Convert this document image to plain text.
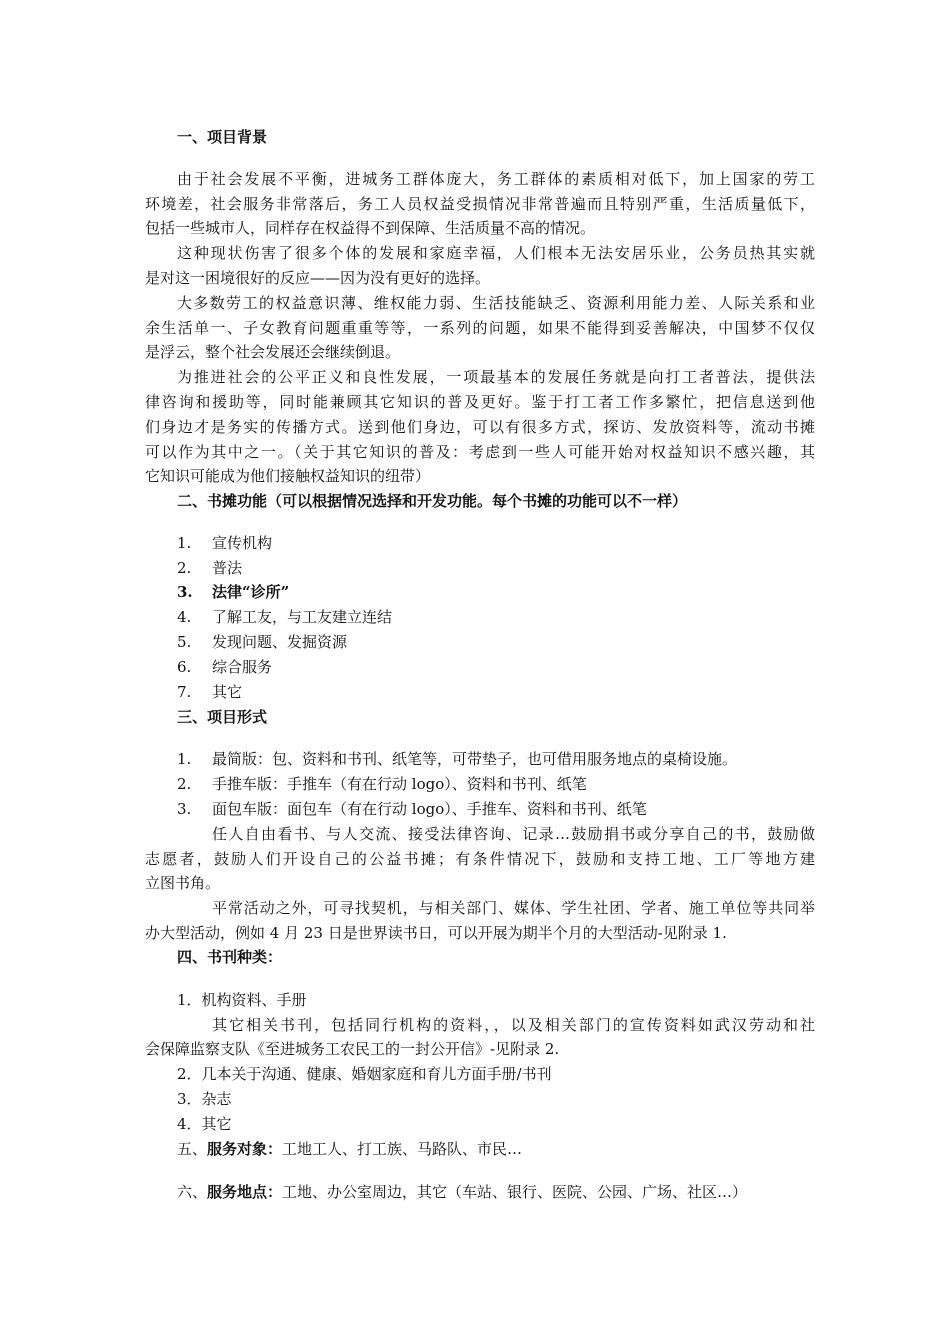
一、项目背景
由于社会发展不平衡，进城务工群体庞大，务工群体的素质相对低下，加上国家的劳工
环境差，社会服务非常落后，务工人员权益受损情况非常普遍而且特别严重，生活质量低下，
包括一些城市人，同样存在权益得不到保障、生活质量不高的情况。
这种现状伤害了很多个体的发展和家庭幸福，人们根本无法安居乐业，公务员热其实就
是对这一困境很好的反应——因为没有更好的选择。
大多数劳工的权益意识薄、维权能力弱、生活技能缺乏、资源利用能力差、人际关系和业
余生活单一、子女教育问题重重等等，一系列的问题，如果不能得到妥善解决，中国梦不仅仅
是浮云，整个社会发展还会继续倒退。
为推进社会的公平正义和良性发展，一项最基本的发展任务就是向打工者普法，提供法
律咨询和援助等，同时能兼顾其它知识的普及更好。鉴于打工者工作多繁忙，把信息送到他
们身边才是务实的传播方式。送到他们身边，可以有很多方式，探访、发放资料等，流动书摊
可以作为其中之一。（关于其它知识的普及：考虑到一些人可能开始对权益知识不感兴趣，其
它知识可能成为他们接触权益知识的纽带）
二、书摊功能（可以根据情况选择和开发功能。每个书摊的功能可以不一样）
1.	宣传机构
2.	普法
3.	法律“诊所”
4.	了解工友，与工友建立连结
5.	发现问题、发掘资源
6.	综合服务
7.	其它
三、项目形式
1.	最简版：包、资料和书刊、纸笔等，可带垫子，也可借用服务地点的桌椅设施。
2.	手推车版：手推车（有在行动 logo）、资料和书刊、纸笔
3.	面包车版：面包车（有在行动 logo）、手推车、资料和书刊、纸笔
任人自由看书、与人交流、接受法律咨询、记录…鼓励捐书或分享自己的书，鼓励做
志愿者，鼓励人们开设自己的公益书摊；有条件情况下，鼓励和支持工地、工厂等地方建
立图书角。
平常活动之外，可寻找契机，与相关部门、媒体、学生社团、学者、施工单位等共同举
办大型活动，例如 4 月 23 日是世界读书日，可以开展为期半个月的大型活动-见附录 1.
四、书刊种类：
1．机构资料、手册
其它相关书刊，包括同行机构的资料，，以及相关部门的宣传资料如武汉劳动和社
会保障监察支队《至进城务工农民工的一封公开信》-见附录 2.
2．几本关于沟通、健康、婚姻家庭和育儿方面手册/书刊
3．杂志
4．其它
五、服务对象：工地工人、打工族、马路队、市民…
六、服务地点：工地、办公室周边，其它（车站、银行、医院、公园、广场、社区…）
